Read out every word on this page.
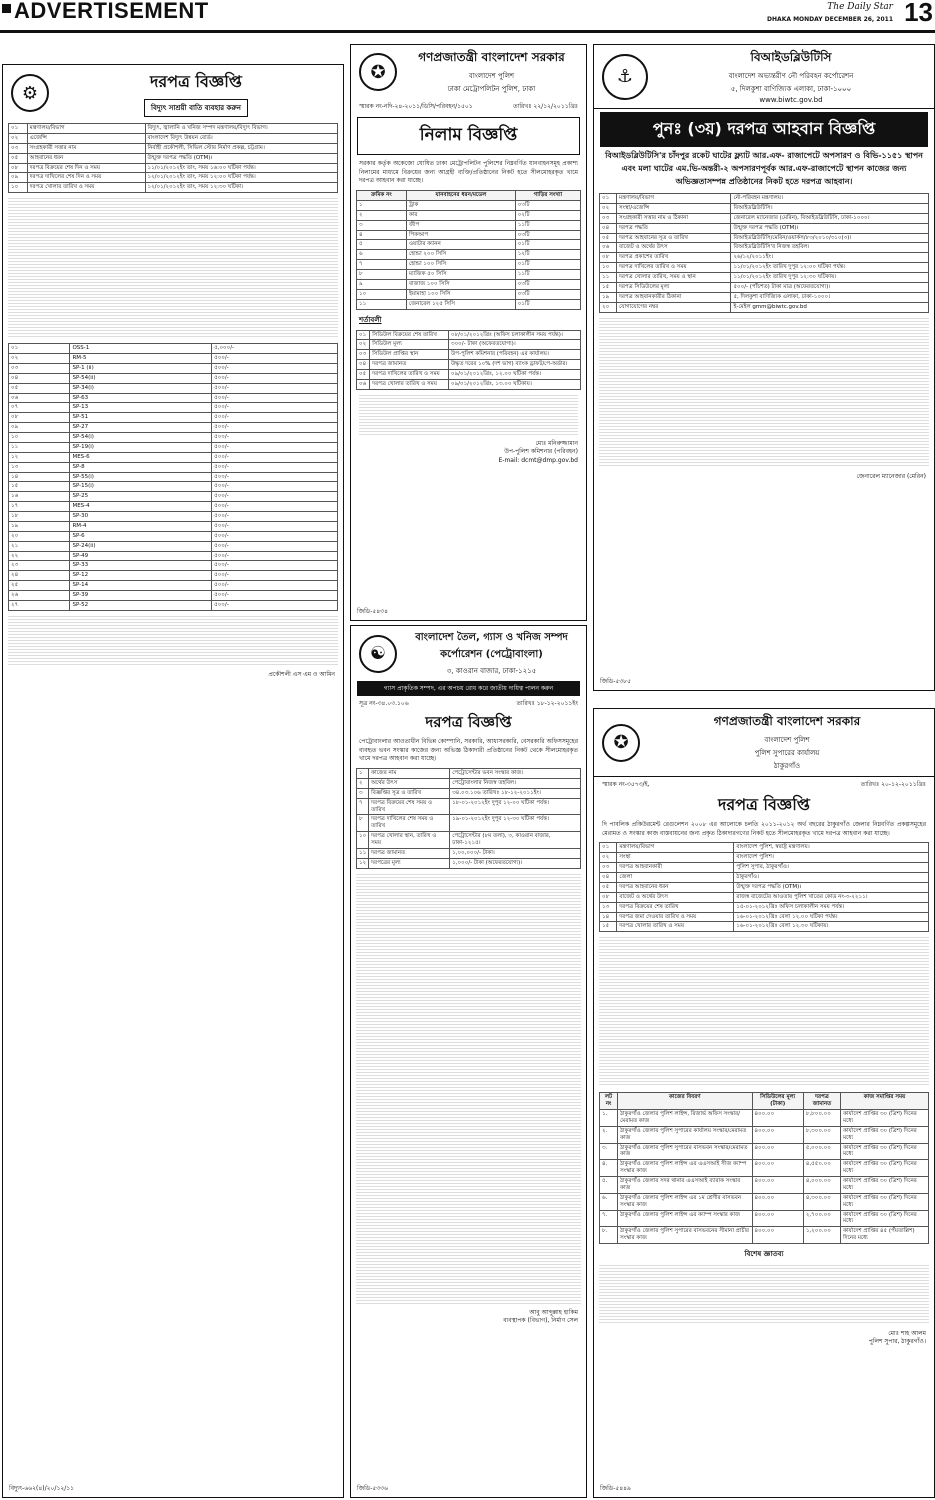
ADVERTISEMENT	The Daily Star
DHAKA MONDAY DECEMBER 26, 2011 13
⚙
দরপত্র বিজ্ঞপ্তি
বিদ্যুৎ সাশ্রয়ী বাতি ব্যবহার করুন
০১	মন্ত্রণালয়/বিভাগ	বিদ্যুৎ, জ্বালানি ও খনিজ সম্পদ মন্ত্রণালয়/বিদ্যুৎ বিভাগ।
০২	এজেন্সি	বাংলাদেশ বিদ্যুৎ উন্নয়ন বোর্ড।
০৩	সংগ্রহকারী সত্তার নাম	নির্বাহী প্রকৌশলী, সিভিল স্টোর নির্মাণ প্রকল্প, চট্টগ্রাম।
০৫	আহবানের ধরন	উন্মুক্ত দরপত্র পদ্ধতি (OTM)।
০৮	দরপত্র বিক্রয়ের শেষ দিন ও সময়	১১/০১/২০১২ইং তাং, সময় ১৬:০০ ঘটিকা পর্যন্ত।
০৯	দরপত্র দাখিলের শেষ দিন ও সময়	১২/০১/২০১২ইং তাং, সময় ১২:০০ ঘটিকা পর্যন্ত।
১০	দরপত্র খোলার তারিখ ও সময়	১২/০১/২০১২ইং তাং, সময় ১২:৩০ ঘটিকা।
০১	OSS-1	৫,০০০/-
০২	RM-5	৫০০/-
০৩	SP-1 (ii)	৫০০/-
০৪	SP-54(ii)	৫০০/-
০৫	SP-34(i)	৫০০/-
০৬	SP-63	৫০০/-
০৭	SP-13	৫০০/-
০৮	SP-51	৫০০/-
০৯	SP-27	৫০০/-
১০	SP-54(i)	৫০০/-
১১	SP-19(i)	৫০০/-
১২	MES-6	৫০০/-
১৩	SP-8	৫০০/-
১৪	SP-55(i)	৫০০/-
১৫	SP-15(i)	৫০০/-
১৬	SP-25	৫০০/-
১৭	MES-4	৫০০/-
১৮	SP-30	৫০০/-
১৯	RM-4	৫০০/-
২০	SP-6	৫০০/-
২১	SP-24(ii)	৫০০/-
২২	SP-49	৫০০/-
২৩	SP-33	৫০০/-
২৪	SP-12	৫০০/-
২৫	SP-14	৫০০/-
২৬	SP-39	৫০০/-
২৭	SP-52	৫০০/-
প্রকৌশলী এস এম ও আমিন
বিদ্যুৎ-৬৬২(৪)/২০/১২/১১
✪
গণপ্রজাতন্ত্রী বাংলাদেশ সরকার
বাংলাদেশ পুলিশ
ঢাকা মেট্রোপলিটন পুলিশ, ঢাকা
স্মারক নং-নদি-২৪-২০১১/ডিসি/পরিবহন/১৫০১	তারিখঃ ২২/১২/২০১১খ্রিঃ
নিলাম বিজ্ঞপ্তি
সরকার কর্তৃক অকেজো ঘোষিত ঢাকা মেট্রোপলিটন পুলিশের নিম্নবর্ণিত যানবাহনসমূহ প্রকাশ্য নিলামের মাধ্যমে বিক্রয়ের জন্য আগ্রহী ব্যক্তি/প্রতিষ্ঠানের নিকট হতে সীলমোহরকৃত খামে দরপত্র আহবান করা যাচ্ছে।
ক্রমিক নং	যানবাহনের ধরন/মডেল	গাড়ির সংখ্যা
১	ট্রাক	০৩টি
২	কার	০২টি
৩	জীপ	১১টি
৪	পিকআপ	০৩টি
৫	ওয়াটার ক্যানন	০১টি
৬	হোন্ডা ২০০ সিসি	১২টি
৭	হোন্ডা ১০০ সিসি	০১টি
৮	ম্যাজিক ৫০ সিসি	১১টি
৯	বাজাজ ১০০ সিসি	০৩টি
১০	ইয়ামাহা ১০০ সিসি	০৩টি
১১	জেনারেল ১২৫ সিসি	০১টি
শর্তাবলী
০১	সিডিউল বিক্রয়ের শেষ তারিখ	০৮/০১/২০১২খ্রিঃ (অফিস চলাকালীন সময় পর্যন্ত)।
০২	সিডিউল মূল্য	৩০০/- টাকা (অফেরতযোগ্য)।
০৩	সিডিউল প্রাপ্তির স্থান	উপ-পুলিশ কমিশনার (পরিবহন) এর কার্যালয়।
০৪	দরপত্র জামানত	উদ্ধৃত দরের ১০% (দশ ভাগ) ব্যাংক ড্রাফট/পে-অর্ডার।
০৫	দরপত্র দাখিলের তারিখ ও সময়	০৯/০১/২০১২খ্রিঃ, ১২.০০ ঘটিকা পর্যন্ত।
০৬	দরপত্র খোলার তারিখ ও সময়	০৯/০১/২০১২খ্রিঃ, ১৩.০০ ঘটিকায়।
মোঃ মনিরুজ্জামান
উপ-পুলিশ কমিশনার (পরিবহন)
E-mail: dcmt@dmp.gov.bd
জিডি-৫৪৩৪
⚓
বিআইডব্লিউটিসি
বাংলাদেশ অভ্যন্তরীণ নৌ পরিবহন কর্পোরেশন
৫, দিলকুশা বাণিজ্যিক এলাকা, ঢাকা-১০০০
www.biwtc.gov.bd
পুনঃ (৩য়) দরপত্র আহবান বিজ্ঞপ্তি
বিআইডব্লিউটিসি'র চাঁদপুর রকেট ঘাটের ফ্ল্যাট আর.এফ- রাজাপেটে অপসারণ ও বিভি-১১৫১ স্থাপন এবং মলা ঘাটের এম.ভি-অন্তরী-২ অপসারণপূর্বক আর.এফ-রাজাপেটে স্থাপন কাজের জন্য অভিজ্ঞতাসম্পন্ন প্রতিষ্ঠানের নিকট হতে দরপত্র আহবান।
০১	মন্ত্রণালয়/বিভাগ	নৌ-পরিবহন মন্ত্রণালয়।
০২	সংস্থা/এজেন্সি	বিআইডব্লিউটিসি।
০৩	সংগ্রহকারী সত্তার নাম ও ঠিকানা	জেনারেল ম্যানেজার (মেরিন), বিআইডব্লিউটিসি, ঢাকা-১০০০।
০৪	দরপত্র পদ্ধতি	উন্মুক্ত দরপত্র পদ্ধতি (OTM)।
০৫	দরপত্র আহবানের সূত্র ও তারিখ	বিআইডব্লিউটিসি/মেরিন/ওয়ার্কস/৮৩/২০১০/৩১০(৩)।
০৬	বাজেট ও অর্থের উৎস	বিআইডব্লিউটিসি'র নিজস্ব তহবিল।
০৮	দরপত্র প্রকাশের তারিখ	২৬/১২/২০১১ইং।
১০	দরপত্র দাখিলের তারিখ ও সময়	১১/০১/২০১২ইং তারিখ দুপুর ১২:০০ ঘটিকা পর্যন্ত।
১১	দরপত্র খোলার তারিখ, সময় ও স্থান	১১/০১/২০১২ইং তারিখ দুপুর ১২:৩০ ঘটিকায়।
১৫	দরপত্র সিডিউলের মূল্য	৫০০/- (পাঁচশত) টাকা মাত্র (অফেরতযোগ্য)।
১৯	দরপত্র আহবানকারীর ঠিকানা	৫, দিলকুশা বাণিজ্যিক এলাকা, ঢাকা-১০০০।
২০	যোগাযোগের নম্বর	ই-মেইল gmm@biwtc.gov.bd
জেনারেল ম্যানেজার (মেরিন)
জিডি-৫৩৮৫
☯
বাংলাদেশ তৈল, গ্যাস ও খনিজ সম্পদ কর্পোরেশন (পেট্রোবাংলা)
৩, কাওরান বাজার, ঢাকা-১২১৫
গ্যাস প্রাকৃতিক সম্পদ, এর অপচয় রোধ করে জাতীয় দায়িত্ব পালন করুন
সূত্র নং-৩৪.০৩.১০৬	তারিখঃ ১৮-১২-২০১১ইং
দরপত্র বিজ্ঞপ্তি
পেট্রোবাংলার আওতাধীন বিভিন্ন কোম্পানি, সরকারি, আধাসরকারি, বেসরকারি অফিসসমূহের ব্যবহৃত ভবন সংস্কার কাজের জন্য অভিজ্ঞ ঠিকাদারী প্রতিষ্ঠানের নিকট থেকে সীলমোহরকৃত খামে দরপত্র আহবান করা যাচ্ছে।
১	কাজের নাম	পেট্রোসেন্টার ভবন সংস্কার কাজ।
২	অর্থের উৎস	পেট্রোবাংলার নিজস্ব তহবিল।
৩	বিজ্ঞপ্তির সূত্র ও তারিখ	৩৪.০৩.১০৬ তারিখঃ ১৮-১২-২০১১ইং।
৭	দরপত্র বিক্রয়ের শেষ সময় ও তারিখ	১৮-০১-২০১২ইং দুপুর ১২-০০ ঘটিকা পর্যন্ত।
৮	দরপত্র দাখিলের শেষ সময় ও তারিখ	১৯-০১-২০১২ইং দুপুর ১২-৩০ ঘটিকা পর্যন্ত।
১০	দরপত্র খোলার স্থান, তারিখ ও সময়	পেট্রোসেন্টার (৮ম তলা), ৩, কাওরান বাজার, ঢাকা-১২১৫।
১১	দরপত্র জামানত	১,০০,০০০/- টাকা।
১২	দরপত্রের মূল্য	১,০০০/- টাকা (অফেরতযোগ্য)।
আবু আব্দুল্লাহ হাকিম
ব্যবস্থাপক (বিভাগ), নির্মাণ সেল
জিডি-৫৩৩৬
✪
গণপ্রজাতন্ত্রী বাংলাদেশ সরকার
বাংলাদেশ পুলিশ
পুলিশ সুপারের কার্যালয়
ঠাকুরগাঁও
স্মারক নং-৩৫৭৩/ই,	তারিখঃ ২০-১২-২০১১খ্রিঃ
দরপত্র বিজ্ঞপ্তি
দি পাবলিক প্রকিউরমেন্ট রেগুলেশন ২০০৮ এর আলোকে চলতি ২০১১-২০১২ অর্থ বছরের ঠাকুরগাঁও জেলার নিম্নবর্ণিত প্রকল্পসমূহের মেরামত ও সংস্কার কাজ বাস্তবায়নের জন্য প্রকৃত ঠিকাদারগণের নিকট হতে সীলমোহরকৃত খামে দরপত্র আহবান করা যাচ্ছে।
০১	মন্ত্রণালয়/বিভাগ	বাংলাদেশ পুলিশ, স্বরাষ্ট্র মন্ত্রণালয়।
০২	সংস্থা	বাংলাদেশ পুলিশ।
০৩	দরপত্র আহবানকারী	পুলিশ সুপার, ঠাকুরগাঁও।
০৪	জেলা	ঠাকুরগাঁও।
০৫	দরপত্র আহবানের ধরন	উন্মুক্ত দরপত্র পদ্ধতি (OTM)।
০৮	বাজেট ও অর্থের উৎস	রাজস্ব বাজেটের আওতায় পুলিশ খাতের কোড নং-৩-২২১১।
১৩	দরপত্র বিক্রয়ের শেষ তারিখ	১৫-০১-২০১২খ্রিঃ অফিস চলাকালীন সময় পর্যন্ত।
১৪	দরপত্র জমা দেওয়ার তারিখ ও সময়	১৬-০১-২০১২খ্রিঃ বেলা ১২.০০ ঘটিকা পর্যন্ত।
১৫	দরপত্র খোলার তারিখ ও সময়	১৬-০১-২০১২খ্রিঃ বেলা ১২.৩০ ঘটিকায়।
লট নং	কাজের বিবরণ	সিডিউলের মূল্য (টাকা)	দরপত্র জামানত	কাজ সমাপ্তির সময়
১.	ঠাকুরগাঁও জেলার পুলিশ লাইন্স, রিজার্ভ অফিস সংস্কার/মেরামত কাজ	৪০০.০০	৮,৮০০.০০	কার্যাদেশ প্রাপ্তির ৩০ (ত্রিশ) দিনের মধ্যে
২.	ঠাকুরগাঁও জেলার পুলিশ সুপারের কার্যালয় সংস্কার/মেরামত কাজ	৪০০.০০	৮,৩০০.০০	কার্যাদেশ প্রাপ্তির ৩০ (ত্রিশ) দিনের মধ্যে
৩.	ঠাকুরগাঁও জেলার পুলিশ সুপারের বাসভবন সংস্কার/মেরামত কাজ	৪০০.০০	৫,০০০.০০	কার্যাদেশ প্রাপ্তির ৩০ (ত্রিশ) দিনের মধ্যে
৪.	ঠাকুরগাঁও জেলার পুলিশ লাইন্স এর এএসআই সীজ ক্যাম্প সংস্কার কাজ	৪০০.০০	৪,৫৫০.০০	কার্যাদেশ প্রাপ্তির ৩০ (ত্রিশ) দিনের মধ্যে
৫.	ঠাকুরগাঁও জেলার সদর থানার এএসআই ব্যারাক সংস্কার কাজ	৪০০.০০	৪,০০০.০০	কার্যাদেশ প্রাপ্তির ৩০ (ত্রিশ) দিনের মধ্যে
৬.	ঠাকুরগাঁও জেলার পুলিশ লাইন্স এর ১ম শ্রেণীর বাসভবন সংস্কার কাজ	৪০০.০০	৪,৩০০.০০	কার্যাদেশ প্রাপ্তির ৩০ (ত্রিশ) দিনের মধ্যে
৭.	ঠাকুরগাঁও জেলার পুলিশ লাইন্স এর ক্যাম্প সংস্কার কাজ	৪০০.০০	২,৭০০.০০	কার্যাদেশ প্রাপ্তির ৩০ (ত্রিশ) দিনের মধ্যে
৮.	ঠাকুরগাঁও জেলার পুলিশ সুপারের বাসভবনের সীমানা প্রাচীর সংস্কার কাজ	৪০০.০০	১,২০০.০০	কার্যাদেশ প্রাপ্তির ৪৫ (পঁয়তাল্লিশ) দিনের মধ্যে
বিশেষ জ্ঞাতব্য
মোঃ শাহ আলম
পুলিশ সুপার, ঠাকুরগাঁও।
জিডি-৫৪৪৯
